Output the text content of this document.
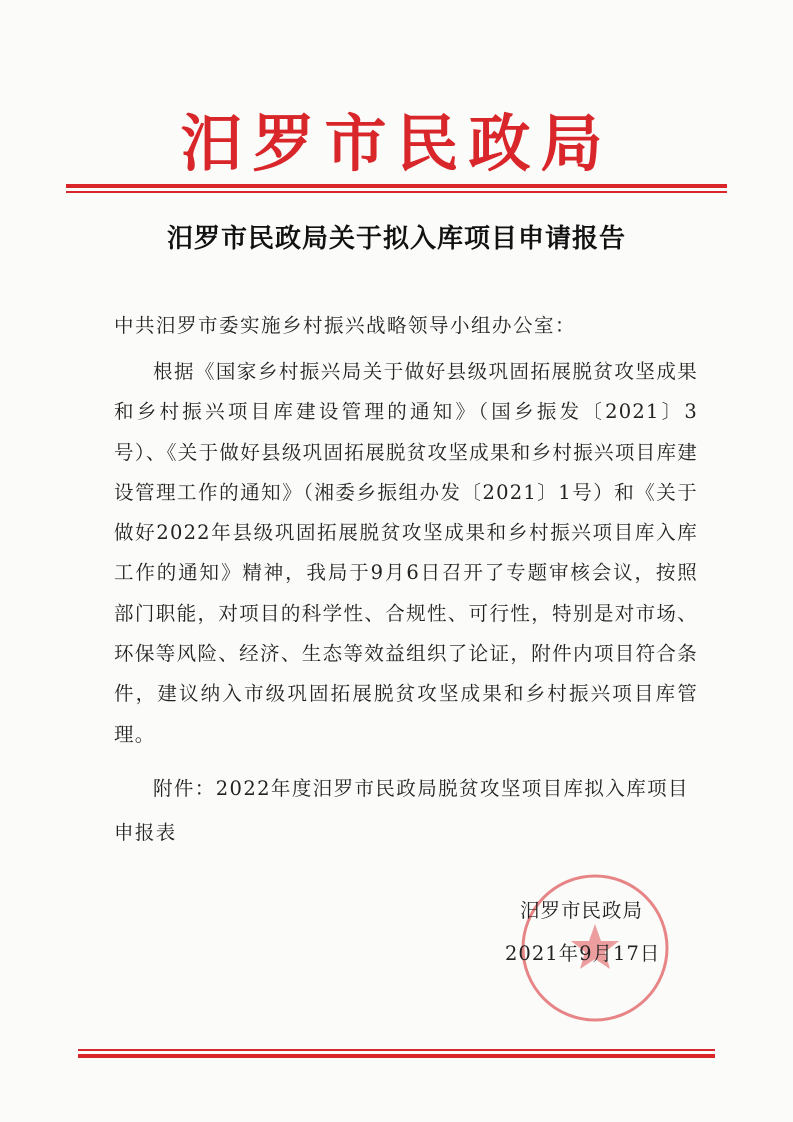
汨罗市民政局
汨罗市民政局关于拟入库项目申请报告
中共汨罗市委实施乡村振兴战略领导小组办公室：

根据《国家乡村振兴局关于做好县级巩固拓展脱贫攻坚成果和乡村振兴项目库建设管理的通知》（国乡振发〔2021〕3号）、《关于做好县级巩固拓展脱贫攻坚成果和乡村振兴项目库建设管理工作的通知》（湘委乡振组办发〔2021〕1号）和《关于做好2022年县级巩固拓展脱贫攻坚成果和乡村振兴项目库入库工作的通知》精神，我局于9月6日召开了专题审核会议，按照部门职能，对项目的科学性、合规性、可行性，特别是对市场、环保等风险、经济、生态等效益组织了论证，附件内项目符合条件，建议纳入市级巩固拓展脱贫攻坚成果和乡村振兴项目库管理。

附件：2022年度汨罗市民政局脱贫攻坚项目库拟入库项目申报表

汨罗市民政局
2021年9月17日
